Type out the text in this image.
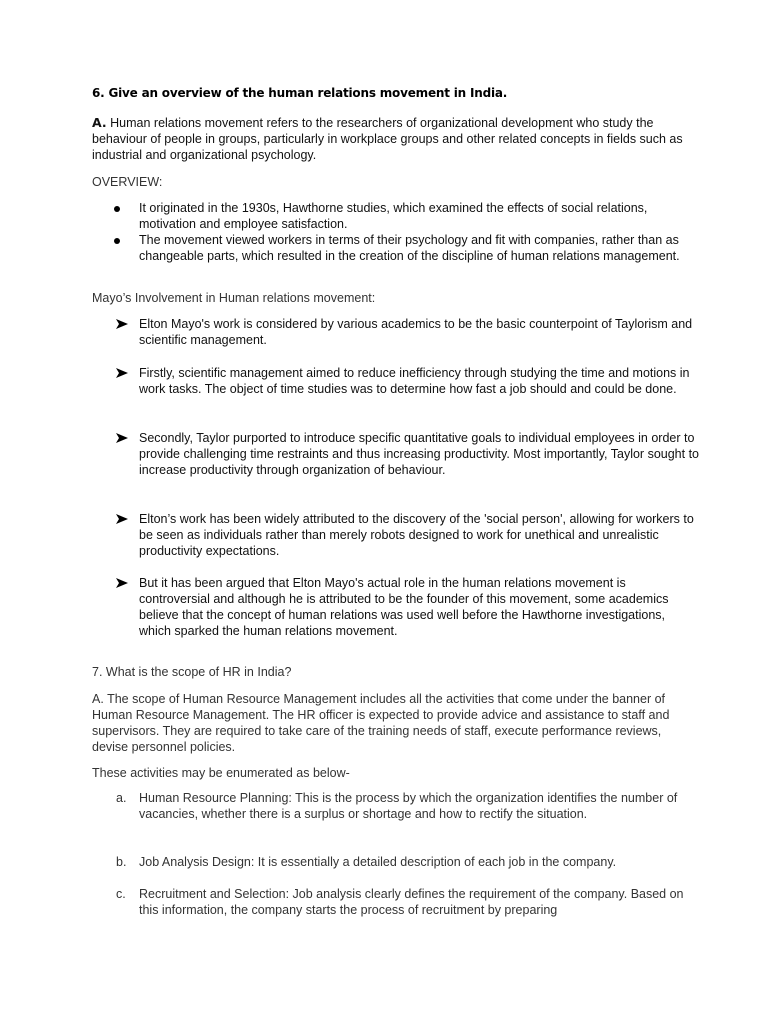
6. Give an overview of the human relations movement in India.

A. Human relations movement refers to the researchers of organizational development who study the behaviour of people in groups, particularly in workplace groups and other related concepts in fields such as industrial and organizational psychology.

OVERVIEW:

It originated in the 1930s, Hawthorne studies, which examined the effects of social relations, motivation and employee satisfaction.

The movement viewed workers in terms of their psychology and fit with companies, rather than as changeable parts, which resulted in the creation of the discipline of human relations management.

Mayo’s Involvement in Human relations movement:

Elton Mayo's work is considered by various academics to be the basic counterpoint of Taylorism and scientific management.

Firstly, scientific management aimed to reduce inefficiency through studying the time and motions in work tasks. The object of time studies was to determine how fast a job should and could be done.

Secondly, Taylor purported to introduce specific quantitative goals to individual employees in order to provide challenging time restraints and thus increasing productivity. Most importantly, Taylor sought to increase productivity through organization of behaviour.

Elton’s work has been widely attributed to the discovery of the 'social person', allowing for workers to be seen as individuals rather than merely robots designed to work for unethical and unrealistic productivity expectations.

But it has been argued that Elton Mayo's actual role in the human relations movement is controversial and although he is attributed to be the founder of this movement, some academics believe that the concept of human relations was used well before the Hawthorne investigations, which sparked the human relations movement.

7. What is the scope of HR in India?

A. The scope of Human Resource Management includes all the activities that come under the banner of Human Resource Management. The HR officer is expected to provide advice and assistance to staff and supervisors. They are required to take care of the training needs of staff, execute performance reviews, devise personnel policies.

These activities may be enumerated as below-

a. Human Resource Planning: This is the process by which the organization identifies the number of vacancies, whether there is a surplus or shortage and how to rectify the situation.

b. Job Analysis Design: It is essentially a detailed description of each job in the company.

c. Recruitment and Selection: Job analysis clearly defines the requirement of the company. Based on this information, the company starts the process of recruitment by preparing
